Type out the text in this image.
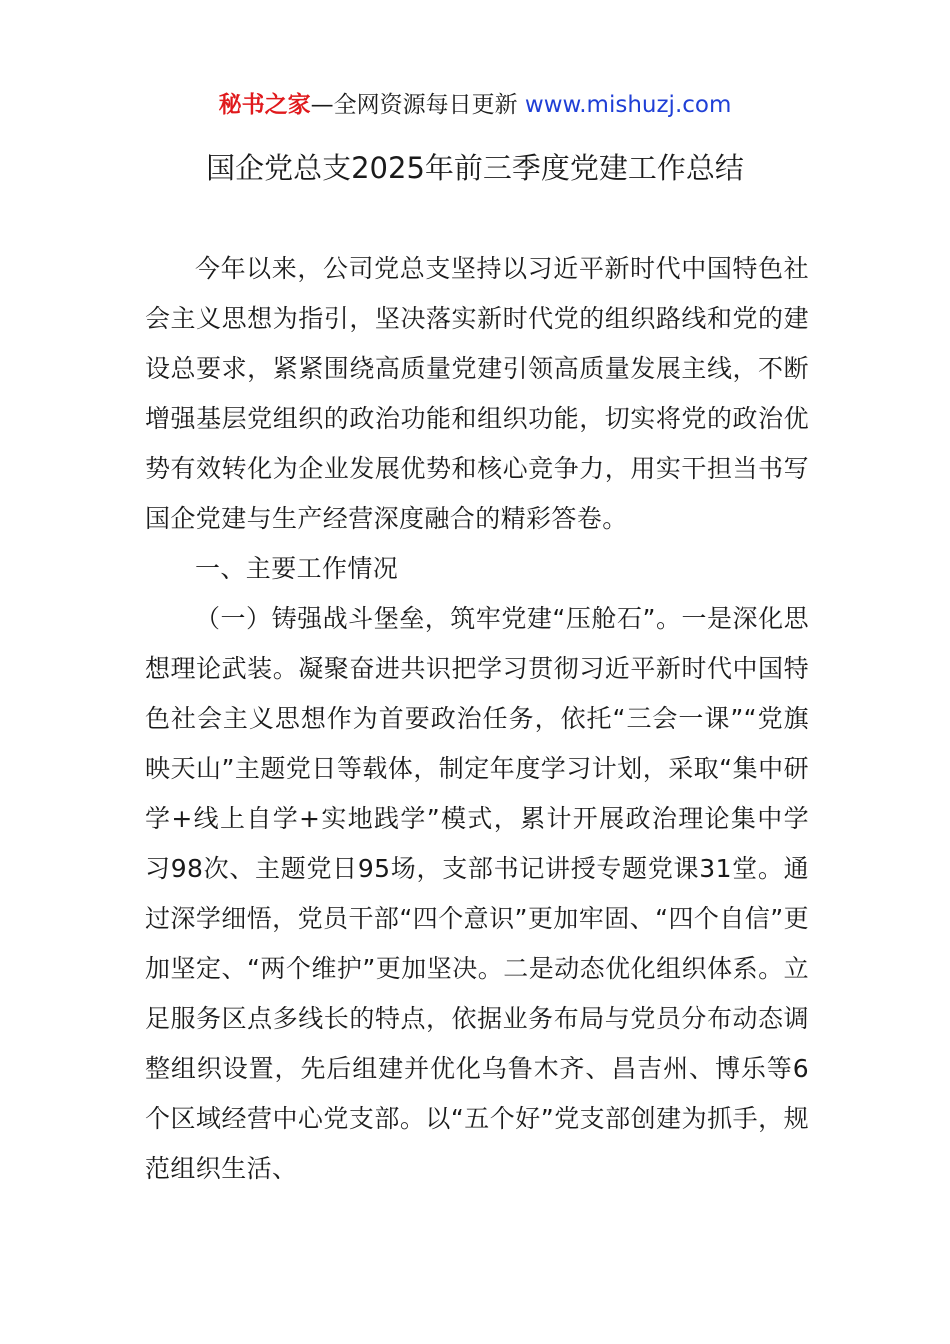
秘书之家—全网资源每日更新 www.mishuzj.com
国企党总支2025年前三季度党建工作总结

今年以来，公司党总支坚持以习近平新时代中国特色社会主义思想为指引，坚决落实新时代党的组织路线和党的建设总要求，紧紧围绕高质量党建引领高质量发展主线，不断增强基层党组织的政治功能和组织功能，切实将党的政治优势有效转化为企业发展优势和核心竞争力，用实干担当书写国企党建与生产经营深度融合的精彩答卷。

一、主要工作情况

（一）铸强战斗堡垒，筑牢党建“压舱石”。一是深化思想理论武装。凝聚奋进共识把学习贯彻习近平新时代中国特色社会主义思想作为首要政治任务，依托“三会一课”“党旗映天山”主题党日等载体，制定年度学习计划，采取“集中研学+线上自学+实地践学”模式，累计开展政治理论集中学习98次、主题党日95场，支部书记讲授专题党课31堂。通过深学细悟，党员干部“四个意识”更加牢固、“四个自信”更加坚定、“两个维护”更加坚决。二是动态优化组织体系。立足服务区点多线长的特点，依据业务布局与党员分布动态调整组织设置，先后组建并优化乌鲁木齐、昌吉州、博乐等6个区域经营中心党支部。以“五个好”党支部创建为抓手，规范组织生活、
